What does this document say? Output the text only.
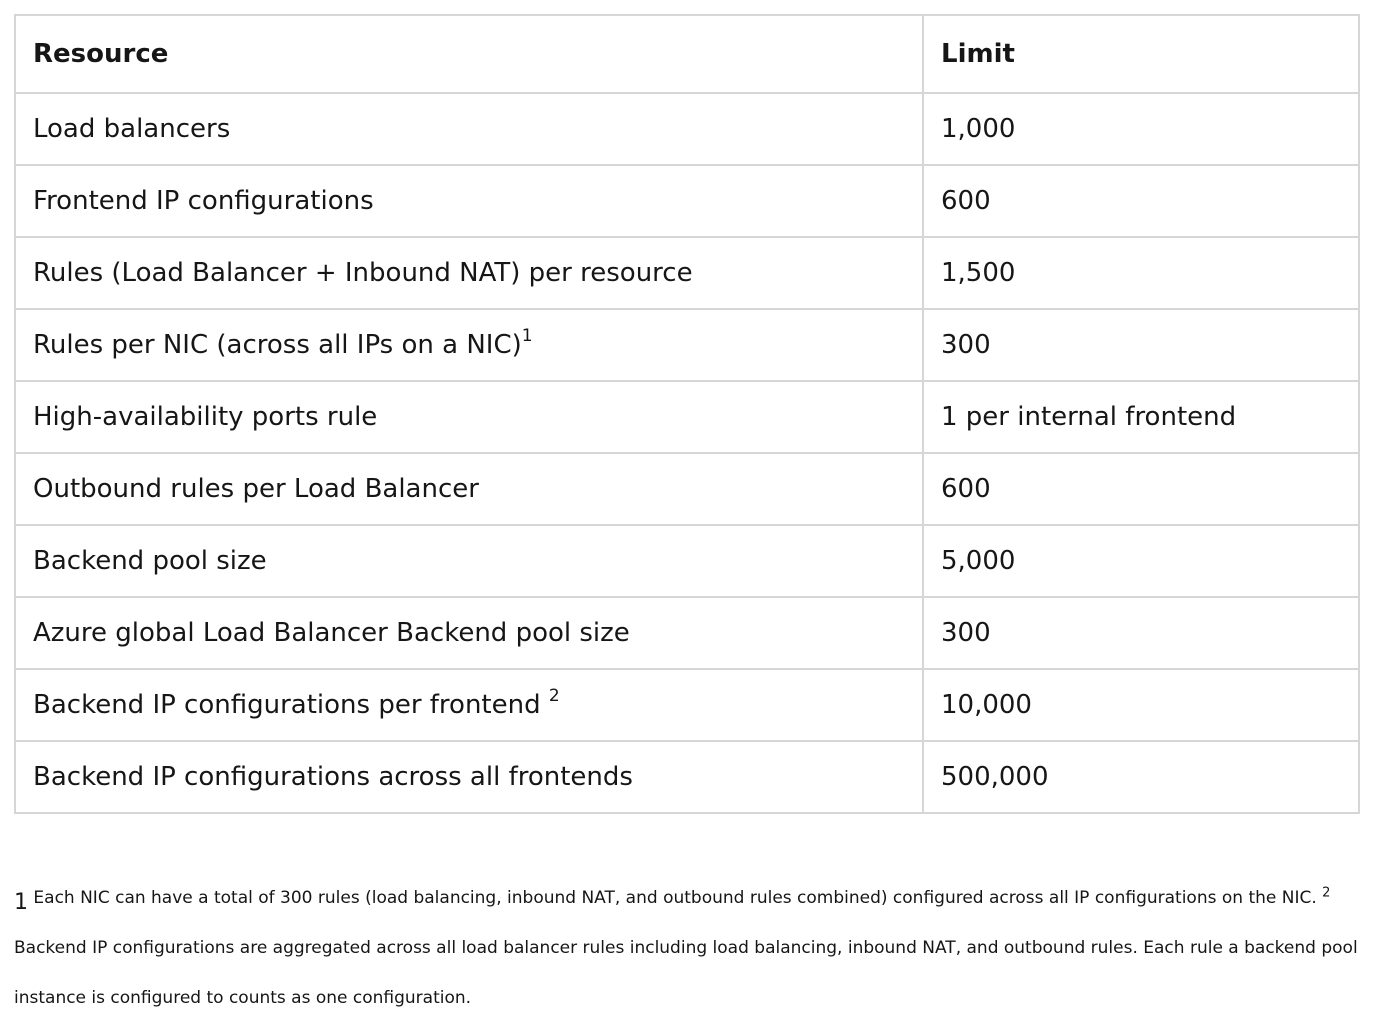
Resource	Limit
Load balancers	1,000
Frontend IP configurations	600
Rules (Load Balancer + Inbound NAT) per resource	1,500
Rules per NIC (across all IPs on a NIC)$^1$	300
High-availability ports rule	1 per internal frontend
Outbound rules per Load Balancer	600
Backend pool size	5,000
Azure global Load Balancer Backend pool size	300
Backend IP configurations per frontend $^2$	10,000
Backend IP configurations across all frontends	500,000
1 Each NIC can have a total of 300 rules (load balancing, inbound NAT, and outbound rules combined) configured across all IP configurations on the NIC. $^2$ Backend IP configurations are aggregated across all load balancer rules including load balancing, inbound NAT, and outbound rules. Each rule a backend pool instance is configured to counts as one configuration.
